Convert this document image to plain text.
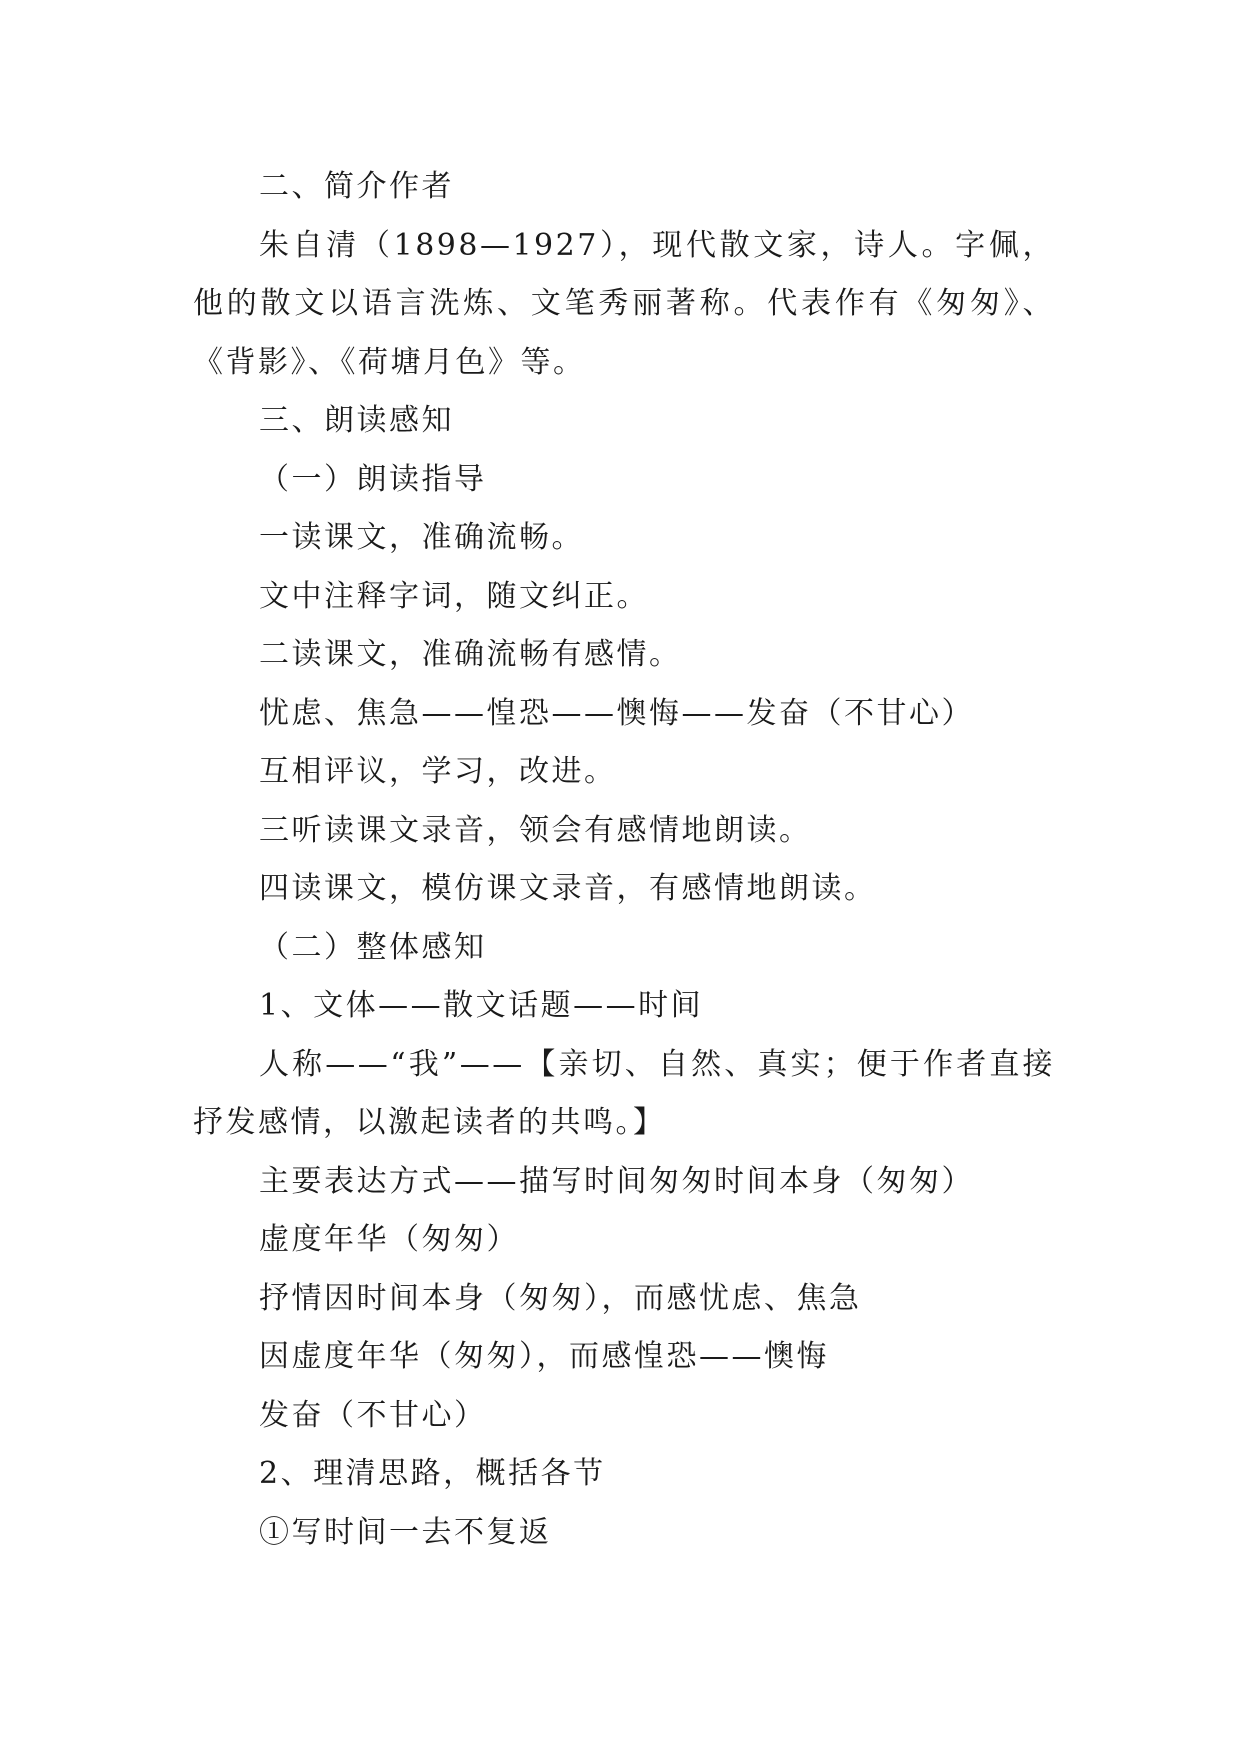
二、简介作者

朱自清（1898—1927），现代散文家，诗人。字佩，他的散文以语言洗炼、文笔秀丽著称。代表作有《匆匆》、《背影》、《荷塘月色》等。

三、朗读感知

（一）朗读指导

一读课文，准确流畅。

文中注释字词，随文纠正。

二读课文，准确流畅有感情。

忧虑、焦急——惶恐——懊悔——发奋（不甘心）

互相评议，学习，改进。

三听读课文录音，领会有感情地朗读。

四读课文，模仿课文录音，有感情地朗读。

（二）整体感知

1、文体——散文话题——时间

人称——“我”——【亲切、自然、真实；便于作者直接抒发感情，以激起读者的共鸣。】

主要表达方式——描写时间匆匆时间本身（匆匆）

虚度年华（匆匆）

抒情因时间本身（匆匆），而感忧虑、焦急

因虚度年华（匆匆），而感惶恐——懊悔

发奋（不甘心）

2、理清思路，概括各节

①写时间一去不复返
